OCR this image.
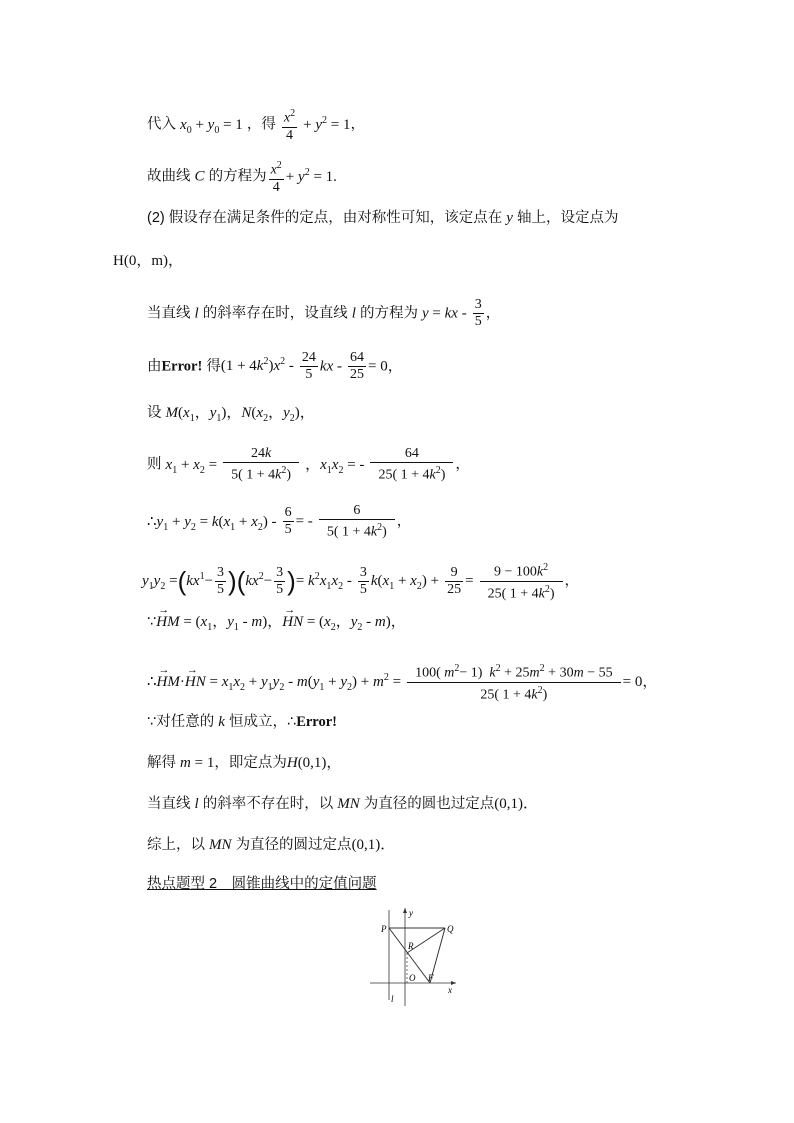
代入 $x_0 + y_0 = 1$ ，得 $\frac{x^2}{4} + y^2 = 1$，
故曲线 C 的方程为 $\frac{x^2}{4} + y^2 = 1$.
(2) 假设存在满足条件的定点，由对称性可知，该定点在 y 轴上，设定点为
H(0，m)，
当直线 l 的斜率存在时，设直线 l 的方程为 y = kx - $\frac{3}{5}$ ，
由Error! 得$(1 + 4k^2)x^2 - \frac{24}{5}$ kx - $\frac{64}{25} = 0$，
设 $M(x_1$，$y_1$)，$N(x_2$，$y_2$)，
则 $x_1 + x_2 = \frac{24k}{5( 1 + 4k^2)}$ ，$x_1x_2$ = - $\frac{64}{25( 1 + 4k^2)}$ ，
$\therefore y_1 + y_2 = k(x_1 + x_2) - \frac{6}{5}$ = - $\frac{6}{5( 1 + 4k^2)}$ ，
$y_1y_2 =(kx^1- \frac{3}{5} )(kx^2- \frac{3}{5}$ )= $k^2x_1x_2 - \frac{3}{5} k(x_1 + x_2) + \frac{9}{25} = \frac{9 - 100k^2}{25( 1 + 4k^2)}$ ，
∵→ HM = ($x_1$，$y_1 - m$)，→ HN = ($x_2$，$y_2 - m$)，
∴→ HM·→ HN = $x_1x_2 + y_1y_2 - m(y_1 + y_2) + m^2 = \frac{100( m^2- 1) k^2 + 25m^2 + 30m - 55}{25( 1 + 4k^2)} = 0$，
∵对任意的 k 恒成立，∴Error!
解得 m = 1，即定点为H(0,1)，
当直线 l 的斜率不存在时，以 MN 为直径的圆也过定点(0,1)．
综上，以 MN 为直径的圆过定点(0,1)．
热点题型 2　圆锥曲线中的定值问题
y
P	Q
R
O F
x
l
